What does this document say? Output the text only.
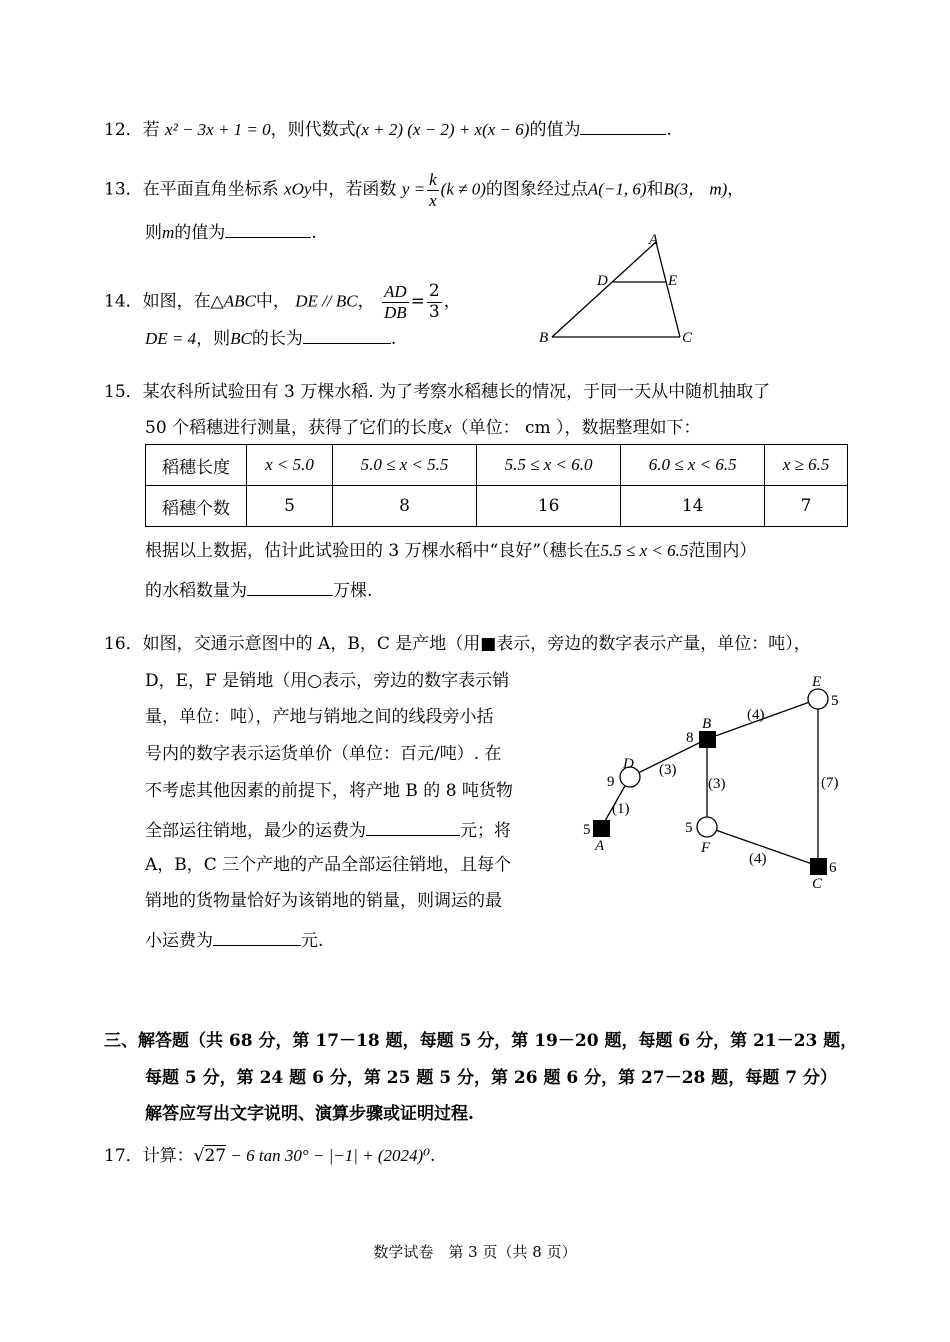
12．若 x² − 3x + 1 = 0，则代数式(x + 2) (x − 2) + x(x − 6)的值为	.
13．在平面直角坐标系 xOy中，若函数 $y = \frac{k}{x} (k \ne 0)$的图象经过点A(−1, 6)和B(3， m)，
则m的值为	.
14．如图，在△ABC中， DE // BC， $\frac{AD}{DB} = \frac{2}{3}$ ，
DE = 4，则BC的长为	.
A
D	E
B	C
15．某农科所试验田有 3 万棵水稻. 为了考察水稻穗长的情况，于同一天从中随机抽取了
50 个稻穗进行测量，获得了它们的长度x（单位： cm ），数据整理如下：
稻穗长度	x < 5.0	5.0 ≤ x < 5.5	5.5 ≤ x < 6.0	6.0 ≤ x < 6.5	x ≥ 6.5
稻穗个数	5	8	16	14	7
根据以上数据，估计此试验田的 3 万棵水稻中“良好”（穗长在5.5 ≤ x < 6.5范围内）
的水稻数量为	万棵.
16．如图，交通示意图中的 A，B，C 是产地（用■表示，旁边的数字表示产量，单位：吨），
D，E，F 是销地（用○表示，旁边的数字表示销
量，单位：吨），产地与销地之间的线段旁小括
号内的数字表示运货单价（单位：百元/吨）. 在
不考虑其他因素的前提下，将产地 B 的 8 吨货物
全部运往销地，最少的运费为	元；将
A，B，C 三个产地的产品全部运往销地，且每个
销地的货物量恰好为该销地的销量，则调运的最
小运费为	元.
A
5
B
8
C
6
D
9
E
5
F
5
(1)
(3)
(4)
(3)	(7)
(4)
三、解答题（共 68 分，第 17－18 题，每题 5 分，第 19－20 题，每题 6 分，第 21－23 题，
每题 5 分，第 24 题 6 分，第 25 题 5 分，第 26 题 6 分，第 27－28 题，每题 7 分）
解答应写出文字说明、演算步骤或证明过程.
17．计算：√27 − 6 tan 30° − |−1| + (2024)⁰.
数学试卷　第 3 页（共 8 页）
